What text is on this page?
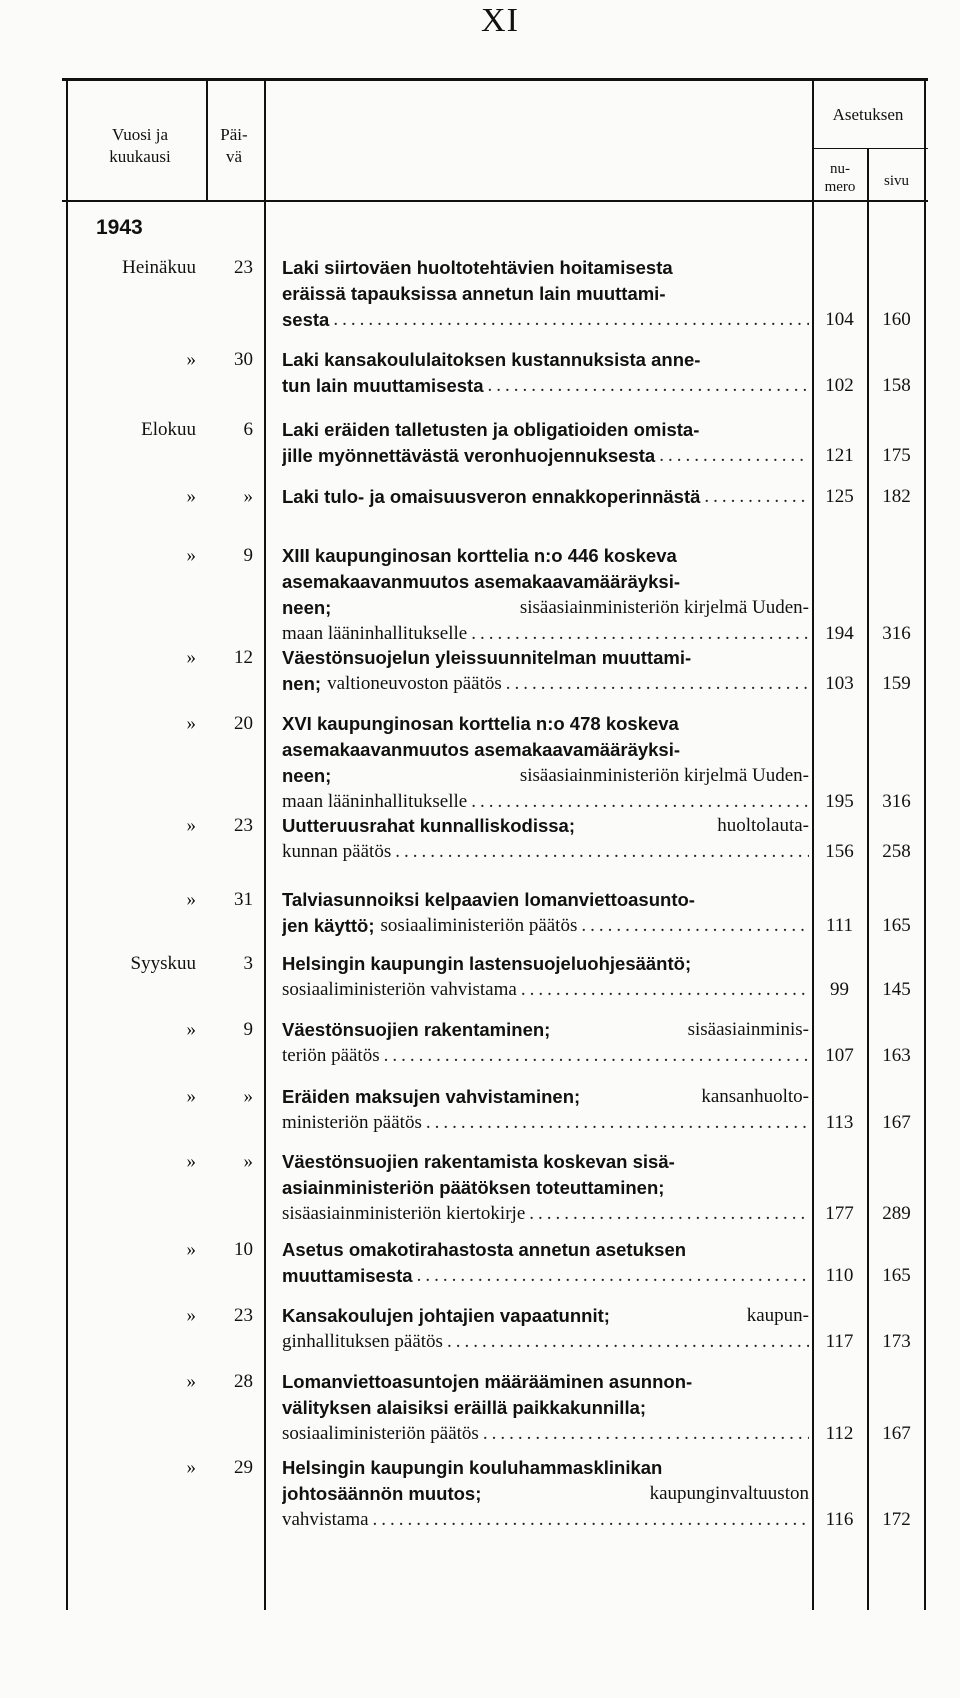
XI
Vuosi ja kuukausi
Päi- vä
Asetuksen
nu- mero	sivu
1943
Heinäkuu	23 Laki siirtoväen huoltotehtävien hoitamisesta
eräissä tapauksissa annetun lain muuttami-
sesta .....	104	160
»	30 Laki kansakoululaitoksen kustannuksista anne-
tun lain muuttamisesta .....	102	158
Elokuu	6 Laki eräiden talletusten ja obligatioiden omista-
jille myönnettävästä veronhuojennuksesta .....	121	175
»	» Laki tulo- ja omaisuusveron ennakkoperinnästä .....	125	182
»	9 XIII kaupunginosan korttelia n:o 446 koskeva
asemakaavanmuutos asemakaavamääräyksi-
neen;	sisäasiainministeriön kirjelmä Uuden-
maan lääninhallitukselle .....	194	316
»	12 Väestönsuojelun yleissuunnitelman muuttami-
nen; valtioneuvoston päätös .....	103	159
»	20 XVI kaupunginosan korttelia n:o 478 koskeva
asemakaavanmuutos asemakaavamääräyksi-
neen;	sisäasiainministeriön kirjelmä Uuden-
maan lääninhallitukselle .....	195	316
»	23 Uutteruusrahat kunnalliskodissa;	huoltolauta-
kunnan päätös .....	156	258
»	31 Talviasunnoiksi kelpaavien lomanviettoasunto-
jen käyttö; sosiaaliministeriön päätös .....	111	165
Syyskuu	3 Helsingin kaupungin lastensuojeluohjesääntö;
sosiaaliministeriön vahvistama .....	99	145
»	9 Väestönsuojien rakentaminen;	sisäasiainminis-
teriön päätös .....	107	163
»	» Eräiden maksujen vahvistaminen;	kansanhuolto-
ministeriön päätös .....	113	167
»	» Väestönsuojien rakentamista koskevan sisä-
asiainministeriön päätöksen toteuttaminen;
sisäasiainministeriön kiertokirje .....	177	289
»	10 Asetus omakotirahastosta annetun asetuksen
muuttamisesta .....	110	165
»	23 Kansakoulujen johtajien vapaatunnit;	kaupun-
ginhallituksen päätös .....	117	173
»	28 Lomanviettoasuntojen määrääminen asunnon-
välityksen alaisiksi eräillä paikkakunnilla;
sosiaaliministeriön päätös .....	112	167
»	29 Helsingin kaupungin kouluhammasklinikan
johtosäännön muutos;	kaupunginvaltuuston
vahvistama .....	116	172
